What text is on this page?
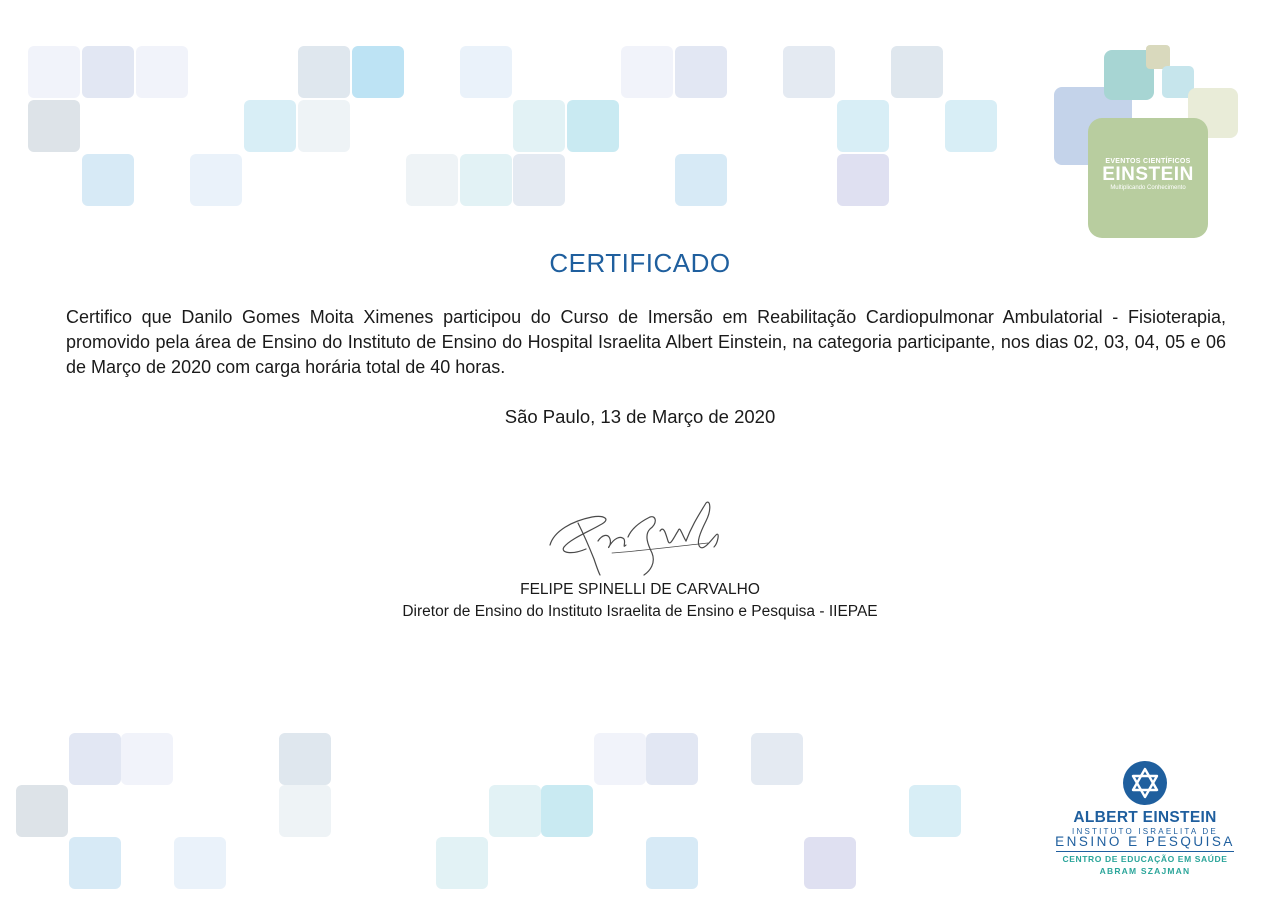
EVENTOS CIENTÍFICOS
EINSTEIN
Multiplicando Conhecimento
CERTIFICADO
Certifico que Danilo Gomes Moita Ximenes participou do Curso de Imersão em Reabilitação Cardiopulmonar Ambulatorial - Fisioterapia, promovido pela área de Ensino do Instituto de Ensino do Hospital Israelita Albert Einstein, na categoria participante, nos dias 02, 03, 04, 05 e 06 de Março de 2020 com carga horária total de 40 horas.
São Paulo, 13 de Março de 2020
FELIPE SPINELLI DE CARVALHO
Diretor de Ensino do Instituto Israelita de Ensino e Pesquisa - IIEPAE
ALBERT EINSTEIN
INSTITUTO ISRAELITA DE
ENSINO E PESQUISA
CENTRO DE EDUCAÇÃO EM SAÚDE
ABRAM SZAJMAN
